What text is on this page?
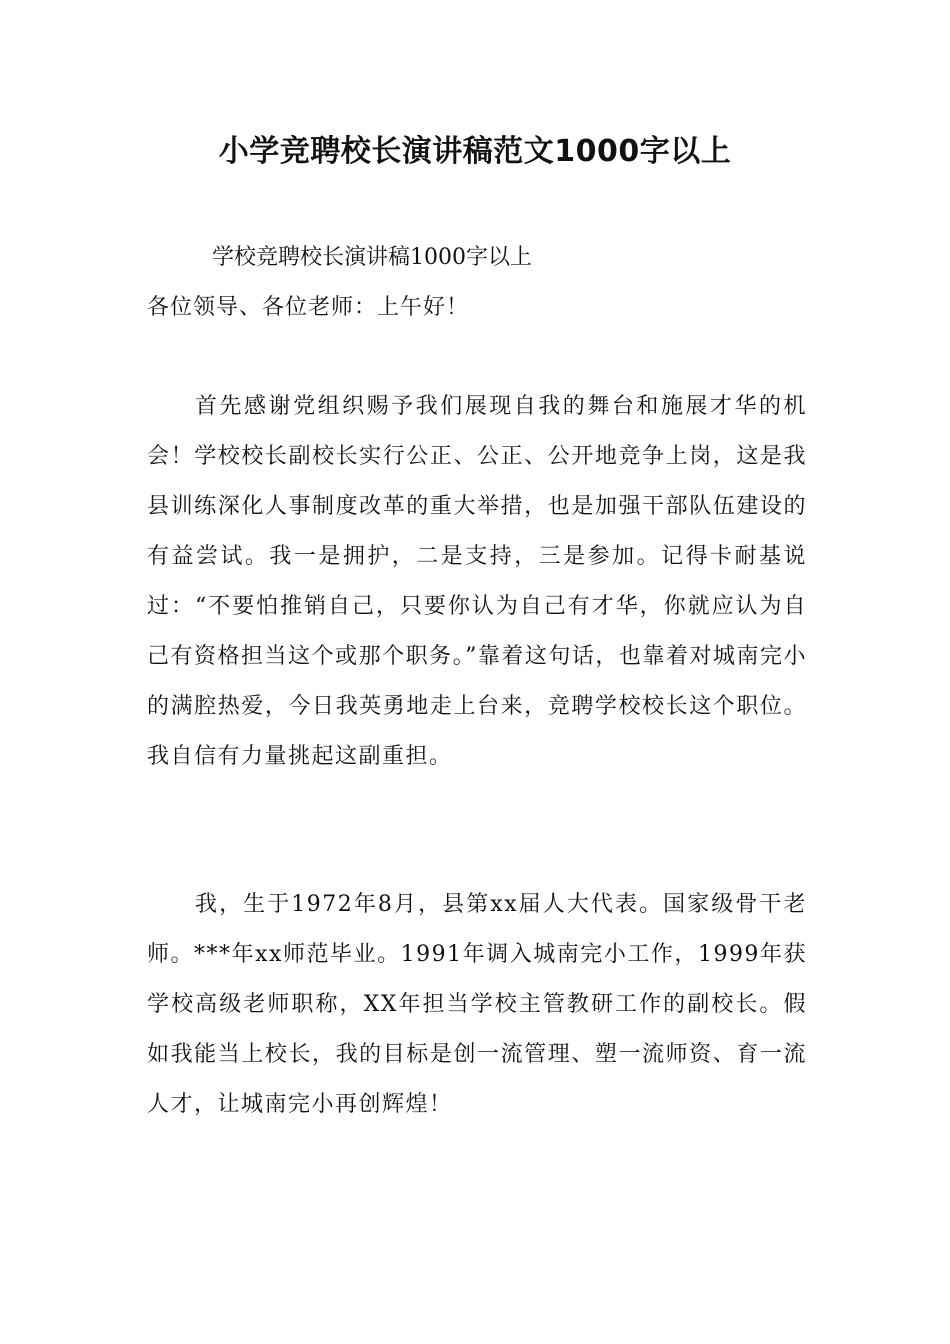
小学竞聘校长演讲稿范文1000字以上

学校竞聘校长演讲稿1000字以上

各位领导、各位老师：上午好！

首先感谢党组织赐予我们展现自我的舞台和施展才华的机会！学校校长副校长实行公正、公正、公开地竞争上岗，这是我县训练深化人事制度改革的重大举措，也是加强干部队伍建设的有益尝试。我一是拥护，二是支持，三是参加。记得卡耐基说过：“不要怕推销自己，只要你认为自己有才华，你就应认为自己有资格担当这个或那个职务。”靠着这句话，也靠着对城南完小的满腔热爱，今日我英勇地走上台来，竞聘学校校长这个职位。我自信有力量挑起这副重担。

我，生于1972年8月，县第xx届人大代表。国家级骨干老师。***年xx师范毕业。1991年调入城南完小工作，1999年获学校高级老师职称，XX年担当学校主管教研工作的副校长。假如我能当上校长，我的目标是创一流管理、塑一流师资、育一流人才，让城南完小再创辉煌！
